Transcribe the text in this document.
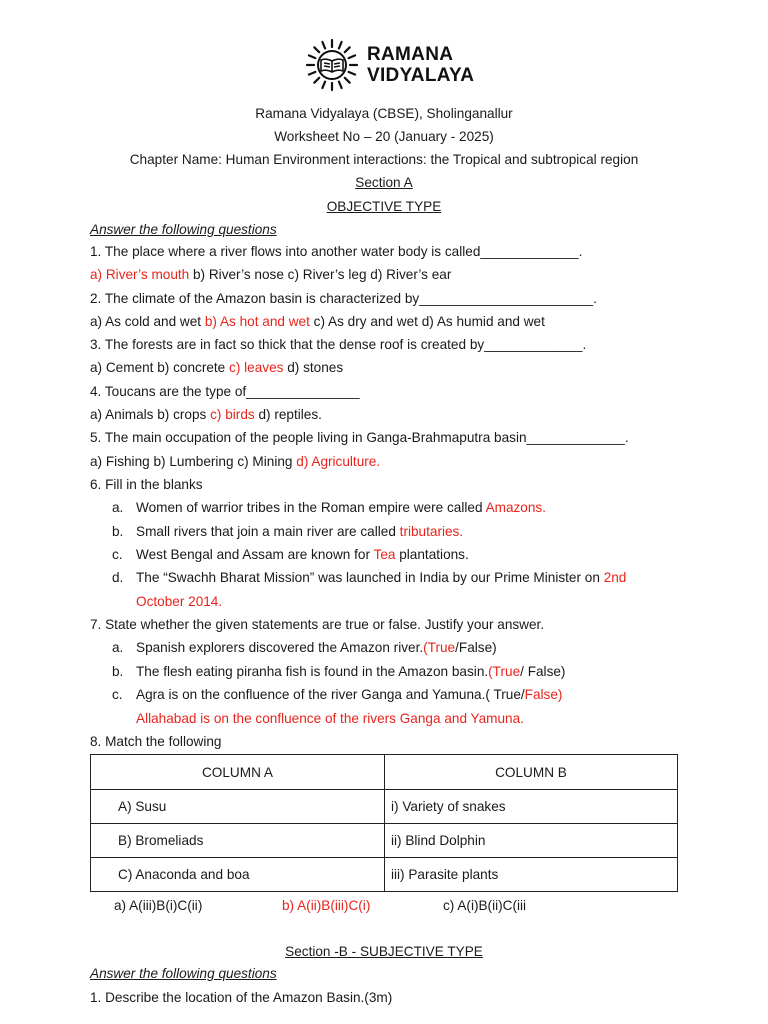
RAMANA
VIDYALAYA
Ramana Vidyalaya (CBSE), Sholinganallur
Worksheet No – 20 (January - 2025)
Chapter Name: Human Environment interactions: the Tropical and subtropical region
Section A
OBJECTIVE TYPE
Answer the following questions
1. The place where a river flows into another water body is called_____________.
a) River’s mouth b) River’s nose c) River’s leg d) River’s ear
2. The climate of the Amazon basin is characterized by_______________________.
a) As cold and wet b) As hot and wet c) As dry and wet d) As humid and wet
3. The forests are in fact so thick that the dense roof is created by_____________.
a) Cement b) concrete c) leaves d) stones
4. Toucans are the type of_______________
a) Animals b) crops c) birds d) reptiles.
5. The main occupation of the people living in Ganga-Brahmaputra basin_____________.
a) Fishing b) Lumbering c) Mining d) Agriculture.
6. Fill in the blanks
a. Women of warrior tribes in the Roman empire were called Amazons.
b. Small rivers that join a main river are called tributaries.
c. West Bengal and Assam are known for Tea plantations.
d. The “Swachh Bharat Mission” was launched in India by our Prime Minister on 2nd
October 2014.
7. State whether the given statements are true or false. Justify your answer.
a. Spanish explorers discovered the Amazon river.(True/False)
b. The flesh eating piranha fish is found in the Amazon basin.(True/ False)
c. Agra is on the confluence of the river Ganga and Yamuna.( True/False)
Allahabad is on the confluence of the rivers Ganga and Yamuna.
8. Match the following
COLUMN A	COLUMN B
A) Susu	i) Variety of snakes
B) Bromeliads	ii) Blind Dolphin
C) Anaconda and boa	iii) Parasite plants
a) A(iii)B(i)C(ii)	b) A(ii)B(iii)C(i)	c) A(i)B(ii)C(iii
Section -B - SUBJECTIVE TYPE
Answer the following questions
1. Describe the location of the Amazon Basin.(3m)
